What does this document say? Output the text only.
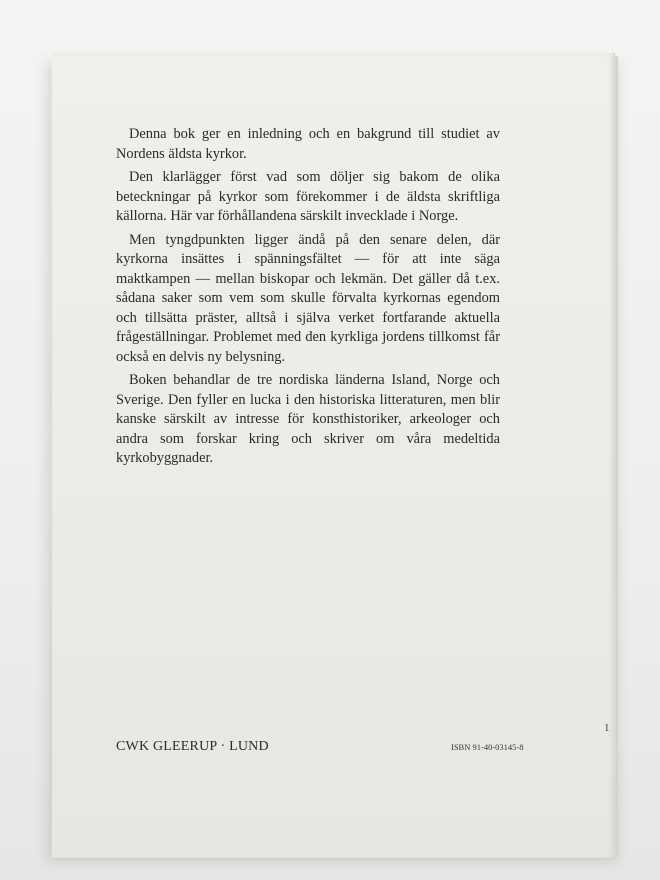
Denna bok ger en inledning och en bakgrund till studiet av Nordens äldsta kyrkor.

Den klarlägger först vad som döljer sig bakom de olika beteckningar på kyrkor som förekommer i de äldsta skriftliga källorna. Här var förhållandena särskilt invecklade i Norge.

Men tyngdpunkten ligger ändå på den senare delen, där kyrkorna insättes i spänningsfältet — för att inte säga maktkampen — mellan biskopar och lekmän. Det gäller då t.ex. sådana saker som vem som skulle förvalta kyrkornas egendom och tillsätta präster, alltså i själva verket fortfarande aktuella frågeställningar. Problemet med den kyrkliga jordens tillkomst får också en delvis ny belysning.

Boken behandlar de tre nordiska länderna Island, Norge och Sverige. Den fyller en lucka i den historiska litteraturen, men blir kanske särskilt av intresse för konsthistoriker, arkeologer och andra som forskar kring och skriver om våra medeltida kyrkobyggnader.

CWK GLEERUP · LUND	ISBN 91-40-03145-8
1
